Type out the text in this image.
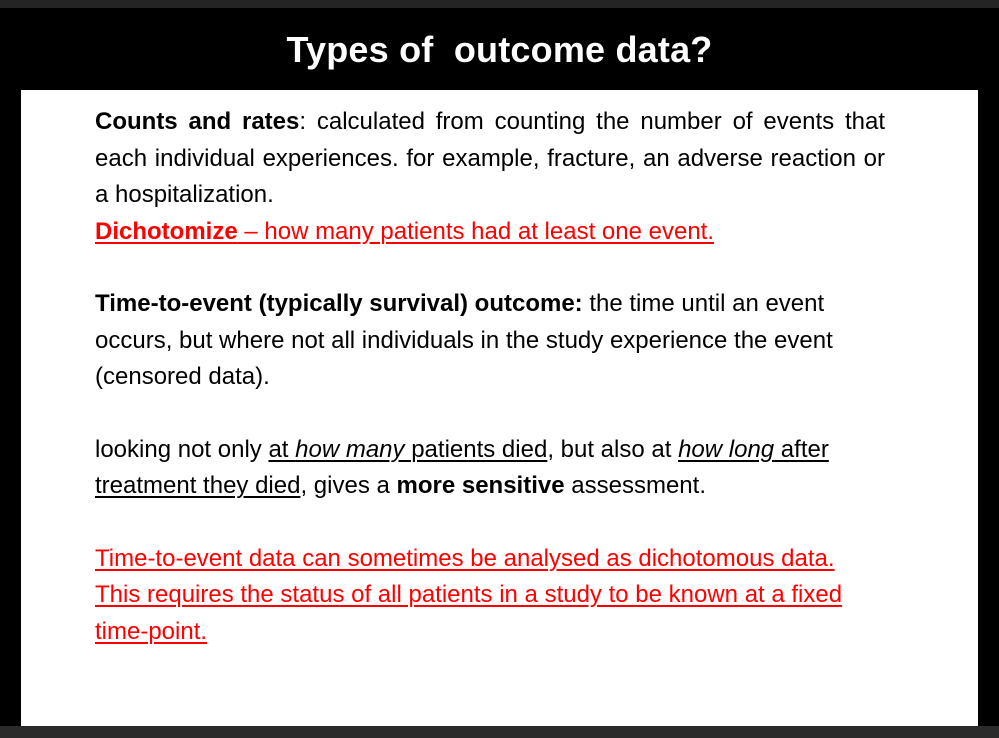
Types of  outcome data?

Counts and rates: calculated from counting the number of events that each individual experiences. for example, fracture, an adverse reaction or a hospitalization.

Dichotomize – how many patients had at least one event.

Time-to-event (typically survival) outcome: the time until an event occurs, but where not all individuals in the study experience the event (censored data).

looking not only at how many patients died, but also at how long after treatment they died, gives a more sensitive assessment.

Time-to-event data can sometimes be analysed as dichotomous data. This requires the status of all patients in a study to be known at a fixed time-point.
